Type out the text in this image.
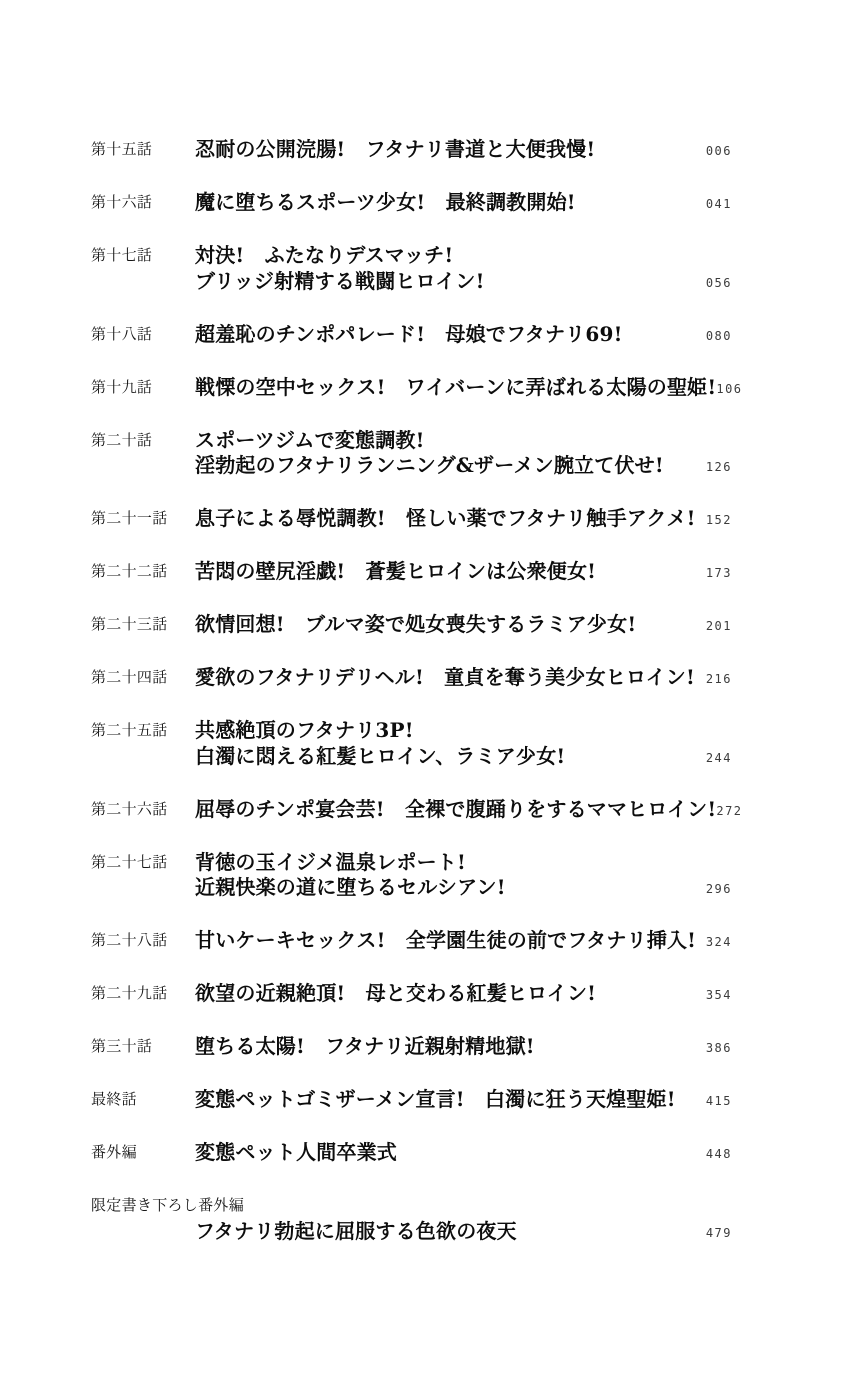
第十五話	忍耐の公開浣腸!　フタナリ書道と大便我慢!	006
第十六話	魔に堕ちるスポーツ少女!　最終調教開始!	041
第十七話	対決!　ふたなりデスマッチ!
ブリッジ射精する戦闘ヒロイン!	056
第十八話	超羞恥のチンポパレード!　母娘でフタナリ69!	080
第十九話	戦慄の空中セックス!　ワイバーンに弄ばれる太陽の聖姫! 106
第二十話	スポーツジムで変態調教!
淫勃起のフタナリランニング&ザーメン腕立て伏せ!	126
第二十一話	息子による辱悦調教!　怪しい薬でフタナリ触手アクメ! 152
第二十二話	苦悶の壁尻淫戯!　蒼髪ヒロインは公衆便女!	173
第二十三話	欲情回想!　ブルマ姿で処女喪失するラミア少女!	201
第二十四話	愛欲のフタナリデリヘル!　童貞を奪う美少女ヒロイン! 216
第二十五話	共感絶頂のフタナリ3P!
白濁に悶える紅髪ヒロイン、ラミア少女!	244
第二十六話	屈辱のチンポ宴会芸!　全裸で腹踊りをするママヒロイン! 272
第二十七話	背徳の玉イジメ温泉レポート!
近親快楽の道に堕ちるセルシアン!	296
第二十八話	甘いケーキセックス!　全学園生徒の前でフタナリ挿入! 324
第二十九話	欲望の近親絶頂!　母と交わる紅髪ヒロイン!	354
第三十話	堕ちる太陽!　フタナリ近親射精地獄!	386
最終話	変態ペットゴミザーメン宣言!　白濁に狂う天煌聖姫!	415
番外編	変態ペット人間卒業式	448
限定書き下ろし番外編
フタナリ勃起に屈服する色欲の夜天	479
